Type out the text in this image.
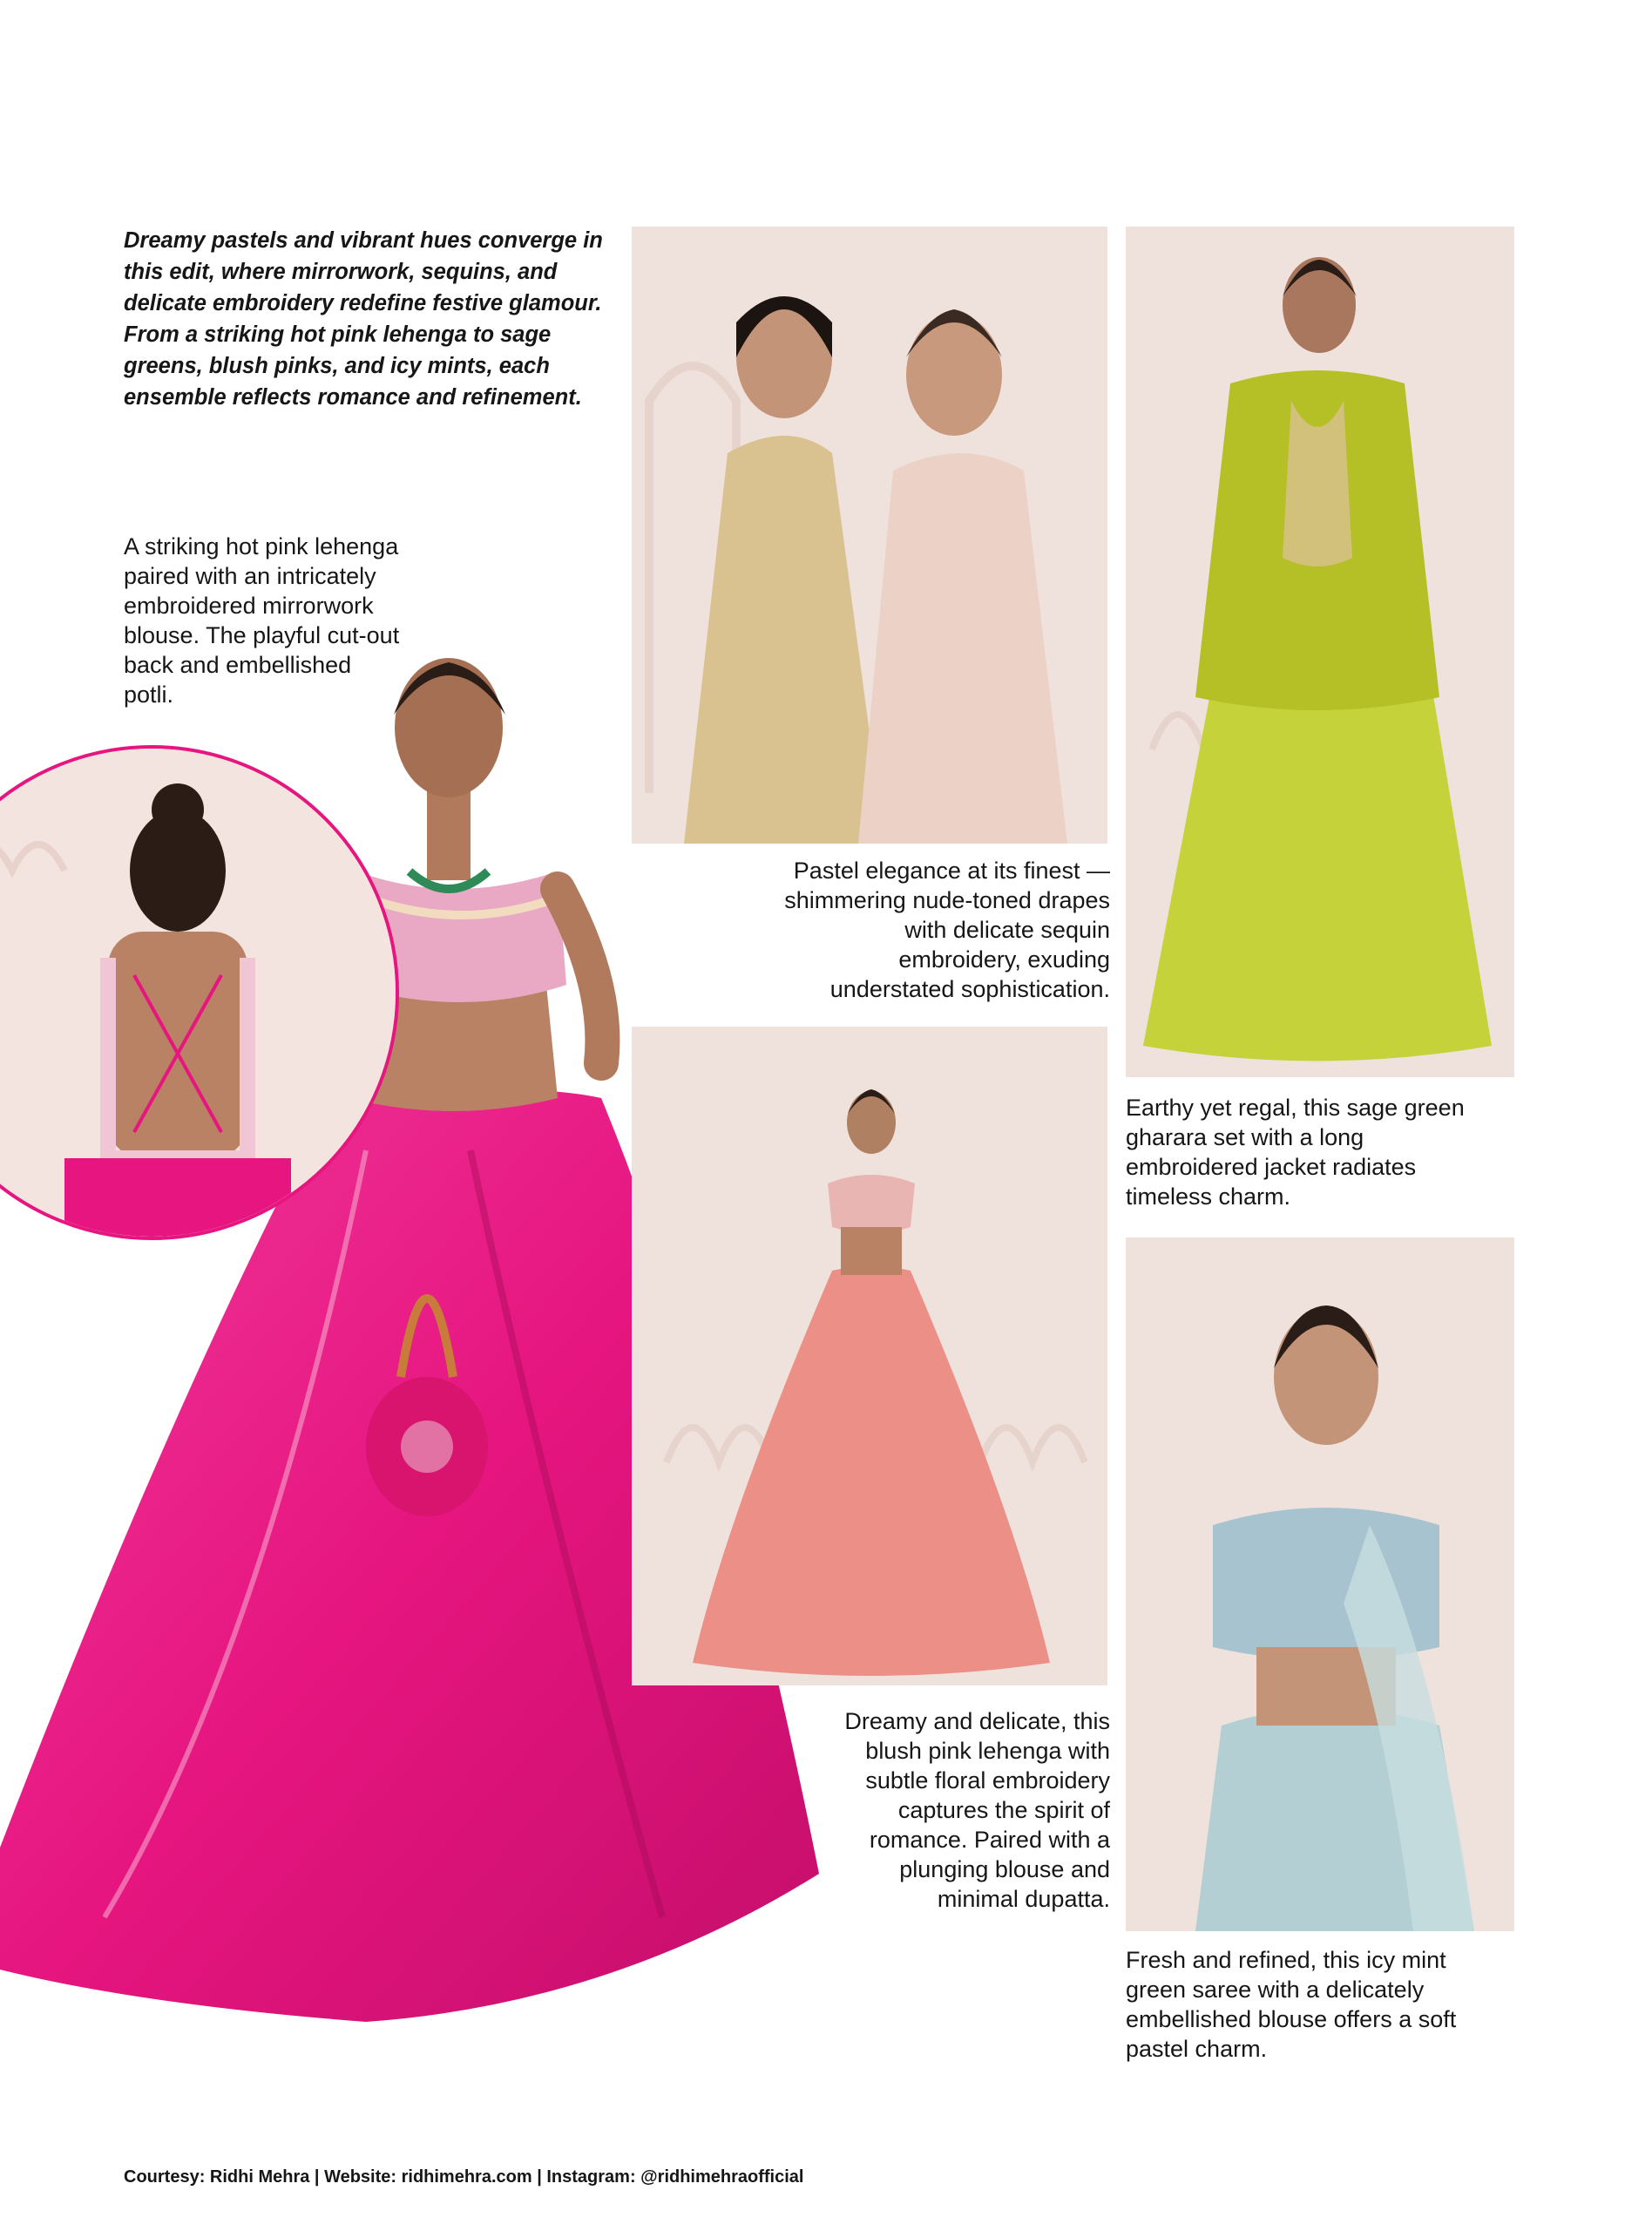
Dreamy pastels and vibrant hues converge in this edit, where mirrorwork, sequins, and delicate embroidery redefine festive glamour. From a striking hot pink lehenga to sage greens, blush pinks, and icy mints, each ensemble reflects romance and refinement.

A striking hot pink lehenga paired with an intricately embroidered mirrorwork blouse. The playful cut-out back and embellished potli.

Pastel elegance at its finest — shimmering nude-toned drapes with delicate sequin embroidery, exuding understated sophistication.

Earthy yet regal, this sage green gharara set with a long embroidered jacket radiates timeless charm.

Dreamy and delicate, this blush pink lehenga with subtle floral embroidery captures the spirit of romance. Paired with a plunging blouse and minimal dupatta.

Fresh and refined, this icy mint green saree with a delicately embellished blouse offers a soft pastel charm.

Courtesy: Ridhi Mehra | Website: ridhimehra.com | Instagram: @ridhimehraofficial
